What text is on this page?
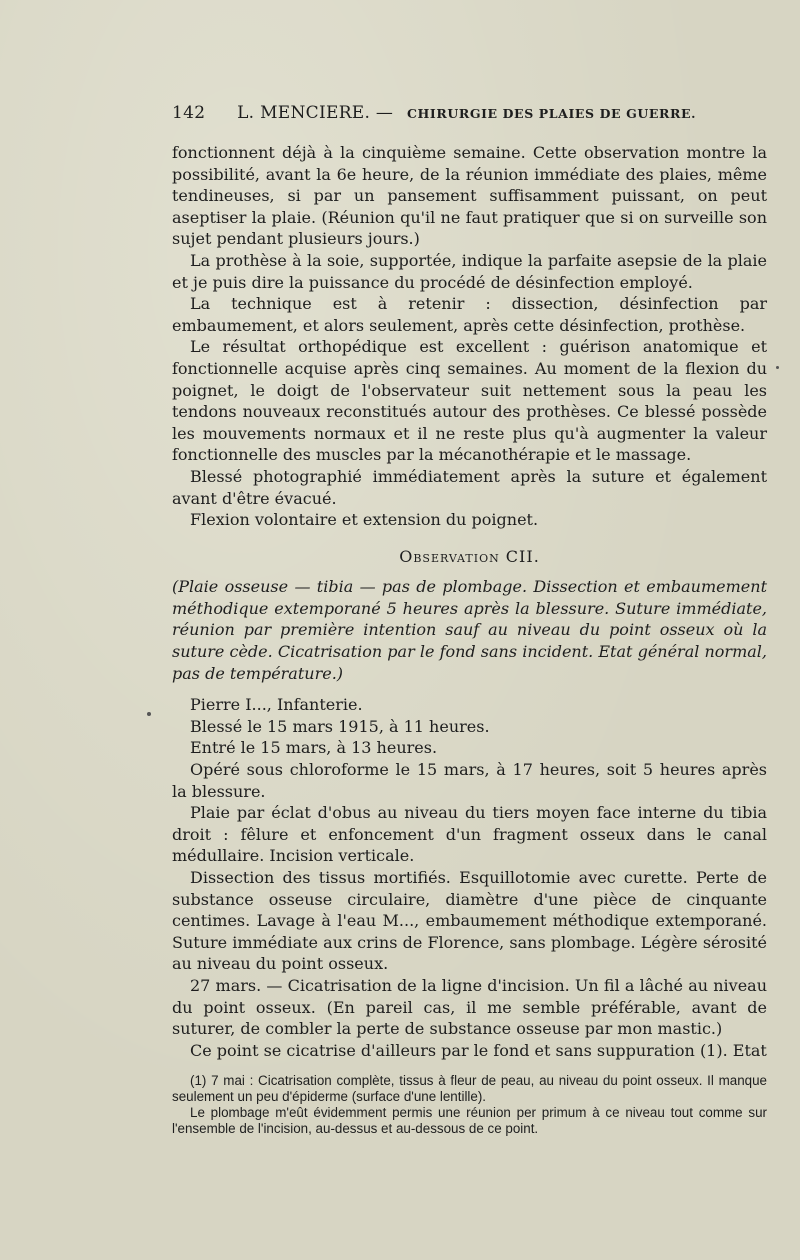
142 L. MENCIERE. — CHIRURGIE DES PLAIES DE GUERRE.

fonctionnent déjà à la cinquième semaine. Cette observation montre la possibilité, avant la 6e heure, de la réunion immédiate des plaies, même tendineuses, si par un pansement suffisamment puissant, on peut aseptiser la plaie. (Réunion qu'il ne faut pratiquer que si on surveille son sujet pendant plusieurs jours.)

La prothèse à la soie, supportée, indique la parfaite asepsie de la plaie et je puis dire la puissance du procédé de désinfection employé.

La technique est à retenir : dissection, désinfection par embaumement, et alors seulement, après cette désinfection, prothèse.

Le résultat orthopédique est excellent : guérison anatomique et fonctionnelle acquise après cinq semaines. Au moment de la flexion du poignet, le doigt de l'observateur suit nettement sous la peau les tendons nouveaux reconstitués autour des prothèses. Ce blessé possède les mouvements normaux et il ne reste plus qu'à augmenter la valeur fonctionnelle des muscles par la mécanothérapie et le massage.

Blessé photographié immédiatement après la suture et également avant d'être évacué.

Flexion volontaire et extension du poignet.

Observation CII.

(Plaie osseuse — tibia — pas de plombage. Dissection et embaumement méthodique extemporané 5 heures après la blessure. Suture immédiate, réunion par première intention sauf au niveau du point osseux où la suture cède. Cicatrisation par le fond sans incident. Etat général normal, pas de température.)

Pierre I..., Infanterie.

Blessé le 15 mars 1915, à 11 heures.

Entré le 15 mars, à 13 heures.

Opéré sous chloroforme le 15 mars, à 17 heures, soit 5 heures après la blessure.

Plaie par éclat d'obus au niveau du tiers moyen face interne du tibia droit : fêlure et enfoncement d'un fragment osseux dans le canal médullaire. Incision verticale.

Dissection des tissus mortifiés. Esquillotomie avec curette. Perte de substance osseuse circulaire, diamètre d'une pièce de cinquante centimes. Lavage à l'eau M..., embaumement méthodique extemporané. Suture immédiate aux crins de Florence, sans plombage. Légère sérosité au niveau du point osseux.

27 mars. — Cicatrisation de la ligne d'incision. Un fil a lâché au niveau du point osseux. (En pareil cas, il me semble préférable, avant de suturer, de combler la perte de substance osseuse par mon mastic.)

Ce point se cicatrise d'ailleurs par le fond et sans suppuration (1). Etat

(1) 7 mai : Cicatrisation complète, tissus à fleur de peau, au niveau du point osseux. Il manque seulement un peu d'épiderme (surface d'une lentille).

Le plombage m'eût évidemment permis une réunion per primum à ce niveau tout comme sur l'ensemble de l'incision, au-dessus et au-dessous de ce point.
